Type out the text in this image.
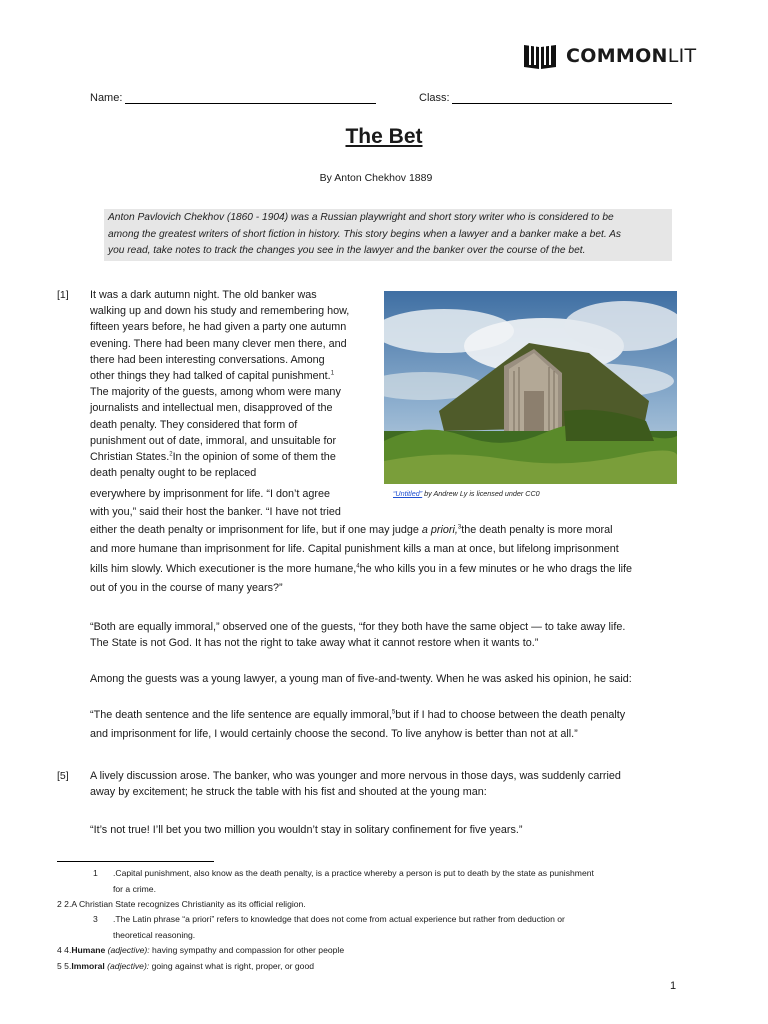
COMMONLIT
Name:	Class:
The Bet
By Anton Chekhov 1889
Anton Pavlovich Chekhov (1860 - 1904) was a Russian playwright and short story writer who is considered to be
among the greatest writers of short fiction in history. This story begins when a lawyer and a banker make a bet. As
you read, take notes to track the changes you see in the lawyer and the banker over the course of the bet.
[1] It was a dark autumn night. The old banker was
walking up and down his study and remembering how,
fifteen years before, he had given a party one autumn
evening. There had been many clever men there, and
there had been interesting conversations. Among
other things they had talked of capital punishment.$^1$
The majority of the guests, among whom were many
journalists and intellectual men, disapproved of the
death penalty. They considered that form of
punishment out of date, immoral, and unsuitable for
Christian States.$^2$In the opinion of some of them the
death penalty ought to be replaced
everywhere by imprisonment for life. “I don’t agree
with you,” said their host the banker. “I have not tried
either the death penalty or imprisonment for life, but if one may judge a priori,$^3$the death penalty is more moral
and more humane than imprisonment for life. Capital punishment kills a man at once, but lifelong imprisonment
kills him slowly. Which executioner is the more humane,$^4$he who kills you in a few minutes or he who drags the life
out of you in the course of many years?”
“Untitled” by Andrew Ly is licensed under CC0
“Both are equally immoral,” observed one of the guests, “for they both have the same object — to take away life.
The State is not God. It has not the right to take away what it cannot restore when it wants to.”
Among the guests was a young lawyer, a young man of five-and-twenty. When he was asked his opinion, he said:
“The death sentence and the life sentence are equally immoral,$^5$but if I had to choose between the death penalty
and imprisonment for life, I would certainly choose the second. To live anyhow is better than not at all.”
[5] A lively discussion arose. The banker, who was younger and more nervous in those days, was suddenly carried
away by excitement; he struck the table with his fist and shouted at the young man:
“It’s not true! I’ll bet you two million you wouldn’t stay in solitary confinement for five years.”
1 .Capital punishment, also know as the death penalty, is a practice whereby a person is put to death by the state as punishment
for a crime.
2 2.A Christian State recognizes Christianity as its official religion.
3 .The Latin phrase “a priori” refers to knowledge that does not come from actual experience but rather from deduction or
theoretical reasoning.
4 4.Humane (adjective): having sympathy and compassion for other people
5 5.Immoral (adjective): going against what is right, proper, or good
1
